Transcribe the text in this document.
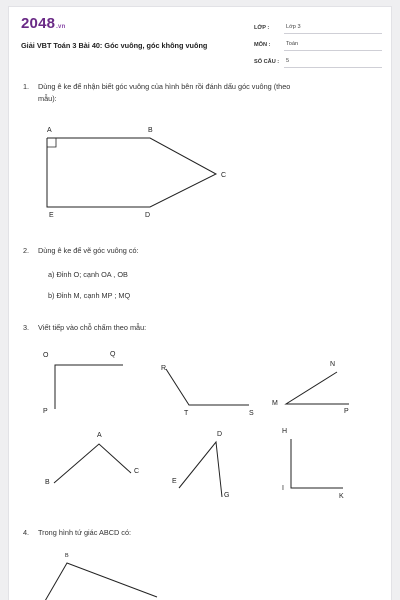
2048.vn
Giải VBT Toán 3 Bài 40: Góc vuông, góc không vuông
LỚP :	Lớp 3
MÔN :	Toán
SỐ CÂU :	5
1. Dùng ê ke để nhận biết góc vuông của hình bên rồi đánh dấu góc vuông (theo
mẫu):
A	B
C
D
E
2. Dùng ê ke để vẽ góc vuông có:
a) Đỉnh O; cạnh OA , OB
b) Đỉnh M, cạnh MP ; MQ
3. Viết tiếp vào chỗ chấm theo mẫu:
O	Q
P
R
T	S
N
M
P
A
B
C
D
E
G
H
I
K
4. Trong hình tứ giác ABCD có:
B
